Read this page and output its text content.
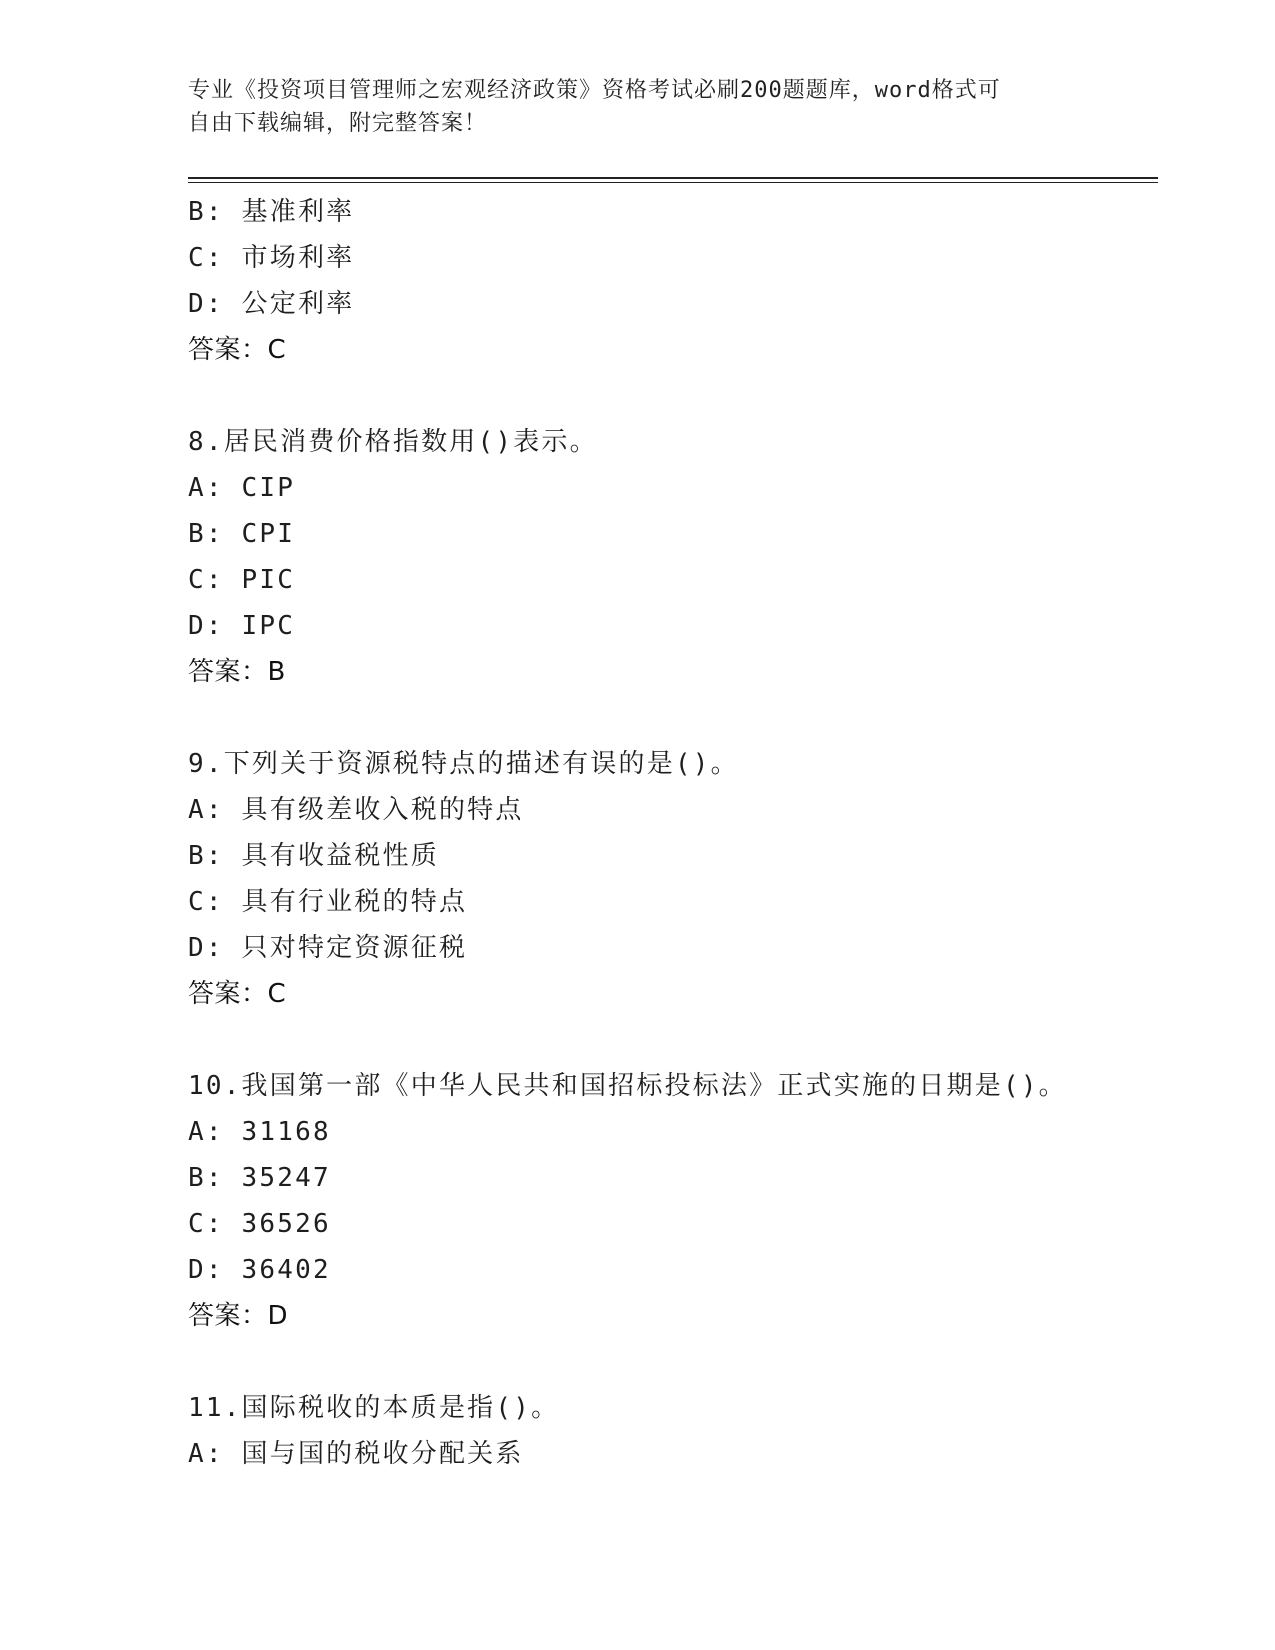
专业《投资项目管理师之宏观经济政策》资格考试必刷200题题库，word格式可
自由下载编辑，附完整答案！
B: 基准利率
C: 市场利率
D: 公定利率
答案：C
8.居民消费价格指数用()表示。
A: CIP
B: CPI
C: PIC
D: IPC
答案：B
9.下列关于资源税特点的描述有误的是()。
A: 具有级差收入税的特点
B: 具有收益税性质
C: 具有行业税的特点
D: 只对特定资源征税
答案：C
10.我国第一部《中华人民共和国招标投标法》正式实施的日期是()。
A: 31168
B: 35247
C: 36526
D: 36402
答案：D
11.国际税收的本质是指()。
A: 国与国的税收分配关系
